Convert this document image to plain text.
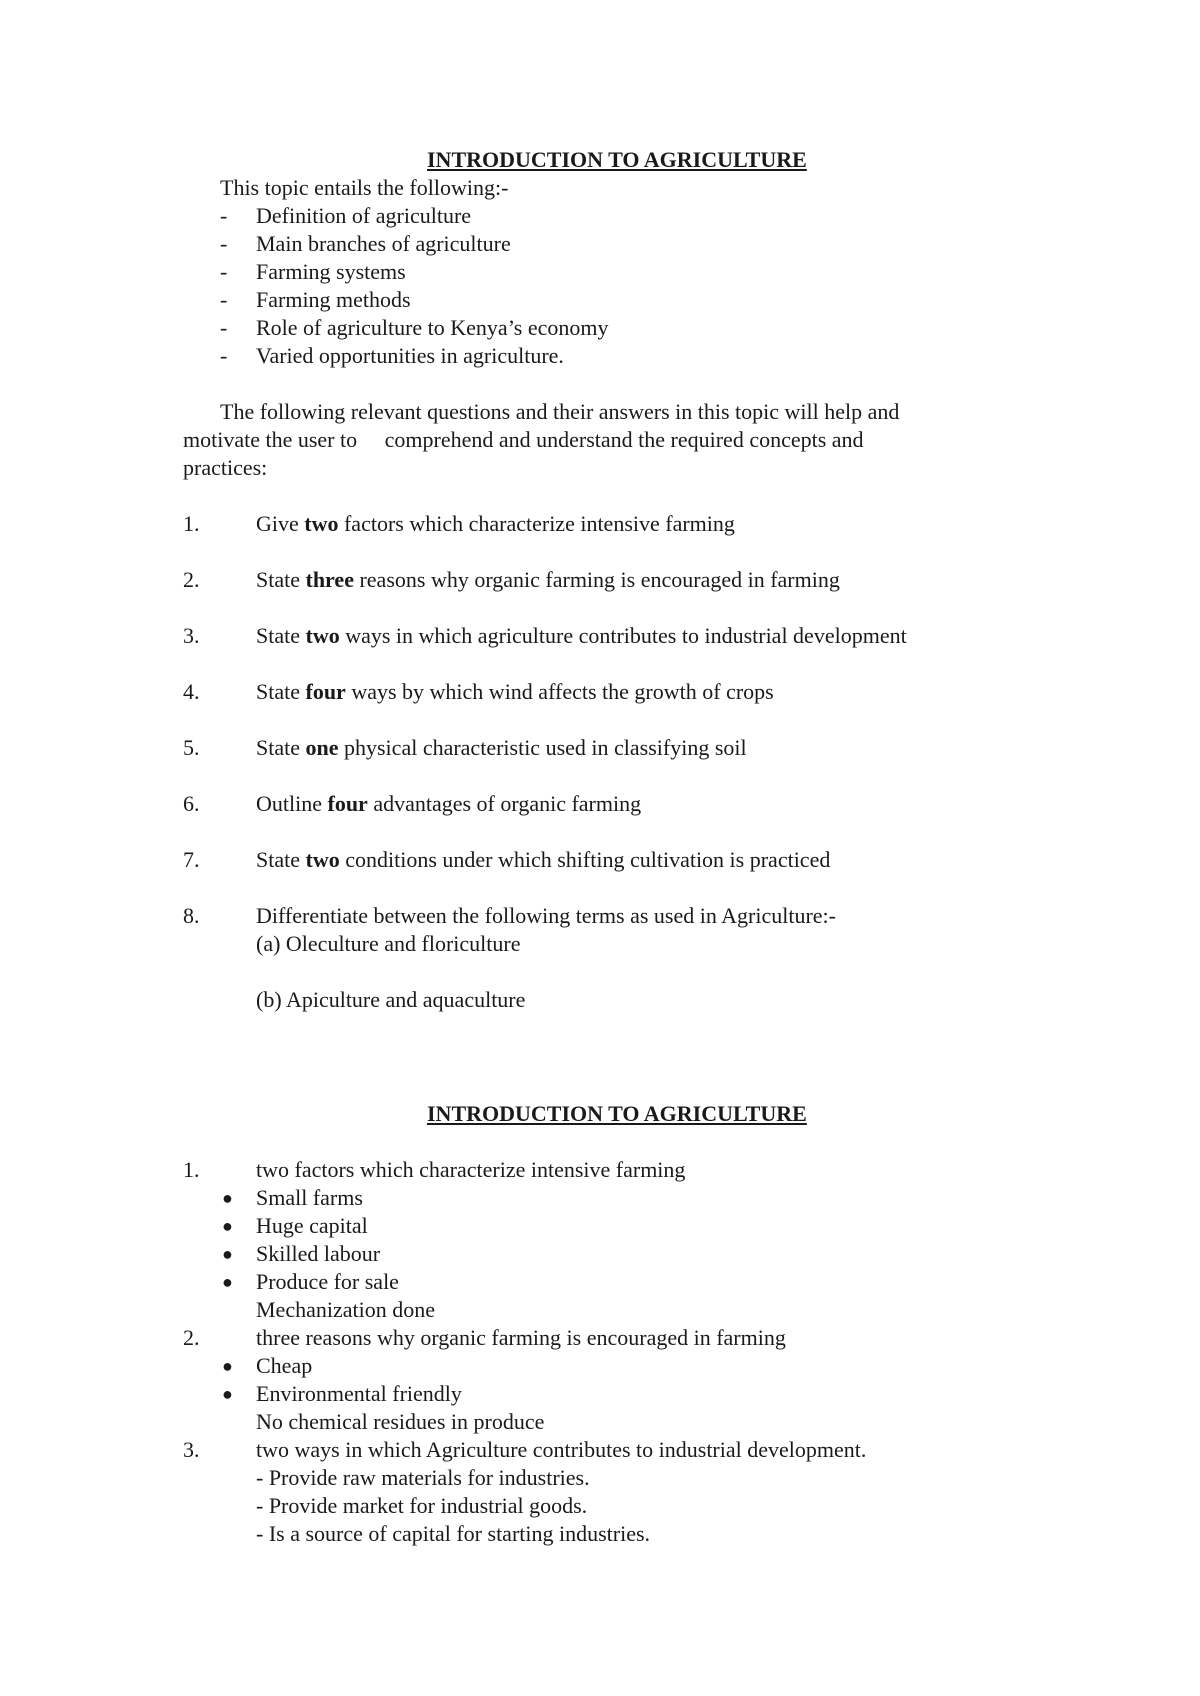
INTRODUCTION TO AGRICULTURE
This topic entails the following:-
- Definition of agriculture
- Main branches of agriculture
- Farming systems
- Farming methods
- Role of agriculture to Kenya’s economy
- Varied opportunities in agriculture.
The following relevant questions and their answers in this topic will help and
motivate the user to     comprehend and understand the required concepts and
practices:
1.	Give two factors which characterize intensive farming
2.	State three reasons why organic farming is encouraged in farming
3.	State two ways in which agriculture contributes to industrial development
4.	State four ways by which wind affects the growth of crops
5.	State one physical characteristic used in classifying soil
6.	Outline four advantages of organic farming
7.	State two conditions under which shifting cultivation is practiced
8.	Differentiate between the following terms as used in Agriculture:-
(a) Oleculture and floriculture
(b) Apiculture and aquaculture
INTRODUCTION TO AGRICULTURE
1.	two factors which characterize intensive farming
● Small farms
● Huge capital
● Skilled labour
● Produce for sale
Mechanization done
2.	three reasons why organic farming is encouraged in farming
● Cheap
● Environmental friendly
No chemical residues in produce
3.	two ways in which Agriculture contributes to industrial development.
- Provide raw materials for industries.
- Provide market for industrial goods.
- Is a source of capital for starting industries.
